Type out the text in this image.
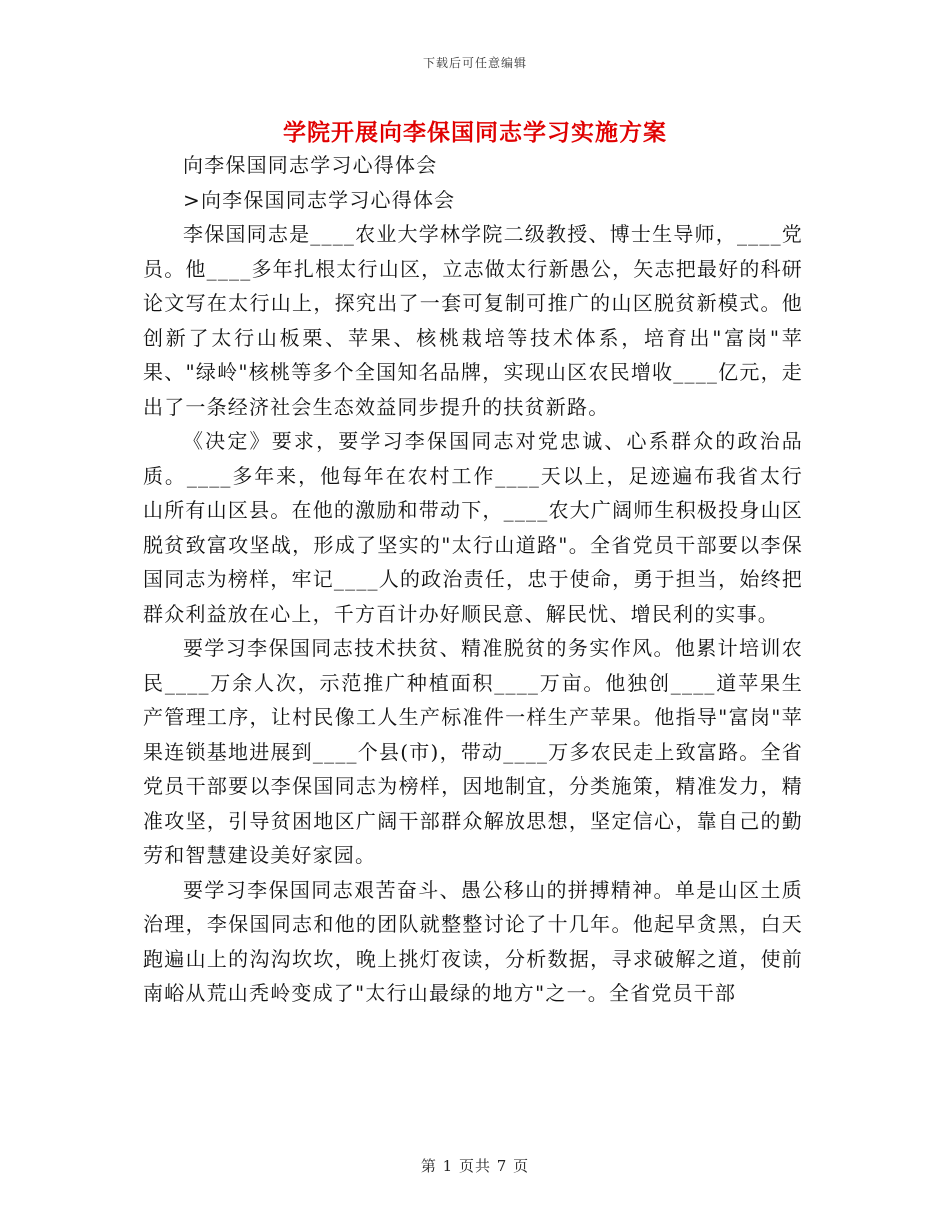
下载后可任意编辑
学院开展向李保国同志学习实施方案

向李保国同志学习心得体会

>向李保国同志学习心得体会

李保国同志是____农业大学林学院二级教授、博士生导师，____党员。他____多年扎根太行山区，立志做太行新愚公，矢志把最好的科研论文写在太行山上，探究出了一套可复制可推广的山区脱贫新模式。他创新了太行山板栗、苹果、核桃栽培等技术体系，培育出"富岗"苹果、"绿岭"核桃等多个全国知名品牌，实现山区农民增收____亿元，走出了一条经济社会生态效益同步提升的扶贫新路。

《决定》要求，要学习李保国同志对党忠诚、心系群众的政治品质。____多年来，他每年在农村工作____天以上，足迹遍布我省太行山所有山区县。在他的激励和带动下，____农大广阔师生积极投身山区脱贫致富攻坚战，形成了坚实的"太行山道路"。全省党员干部要以李保国同志为榜样，牢记____人的政治责任，忠于使命，勇于担当，始终把群众利益放在心上，千方百计办好顺民意、解民忧、增民利的实事。

要学习李保国同志技术扶贫、精准脱贫的务实作风。他累计培训农民____万余人次，示范推广种植面积____万亩。他独创____道苹果生产管理工序，让村民像工人生产标准件一样生产苹果。他指导"富岗"苹果连锁基地进展到____个县(市)，带动____万多农民走上致富路。全省党员干部要以李保国同志为榜样，因地制宜，分类施策，精准发力，精准攻坚，引导贫困地区广阔干部群众解放思想，坚定信心，靠自己的勤劳和智慧建设美好家园。

要学习李保国同志艰苦奋斗、愚公移山的拼搏精神。单是山区土质治理，李保国同志和他的团队就整整讨论了十几年。他起早贪黑，白天跑遍山上的沟沟坎坎，晚上挑灯夜读，分析数据，寻求破解之道，使前南峪从荒山秃岭变成了"太行山最绿的地方"之一。全省党员干部

第 1 页共 7 页
